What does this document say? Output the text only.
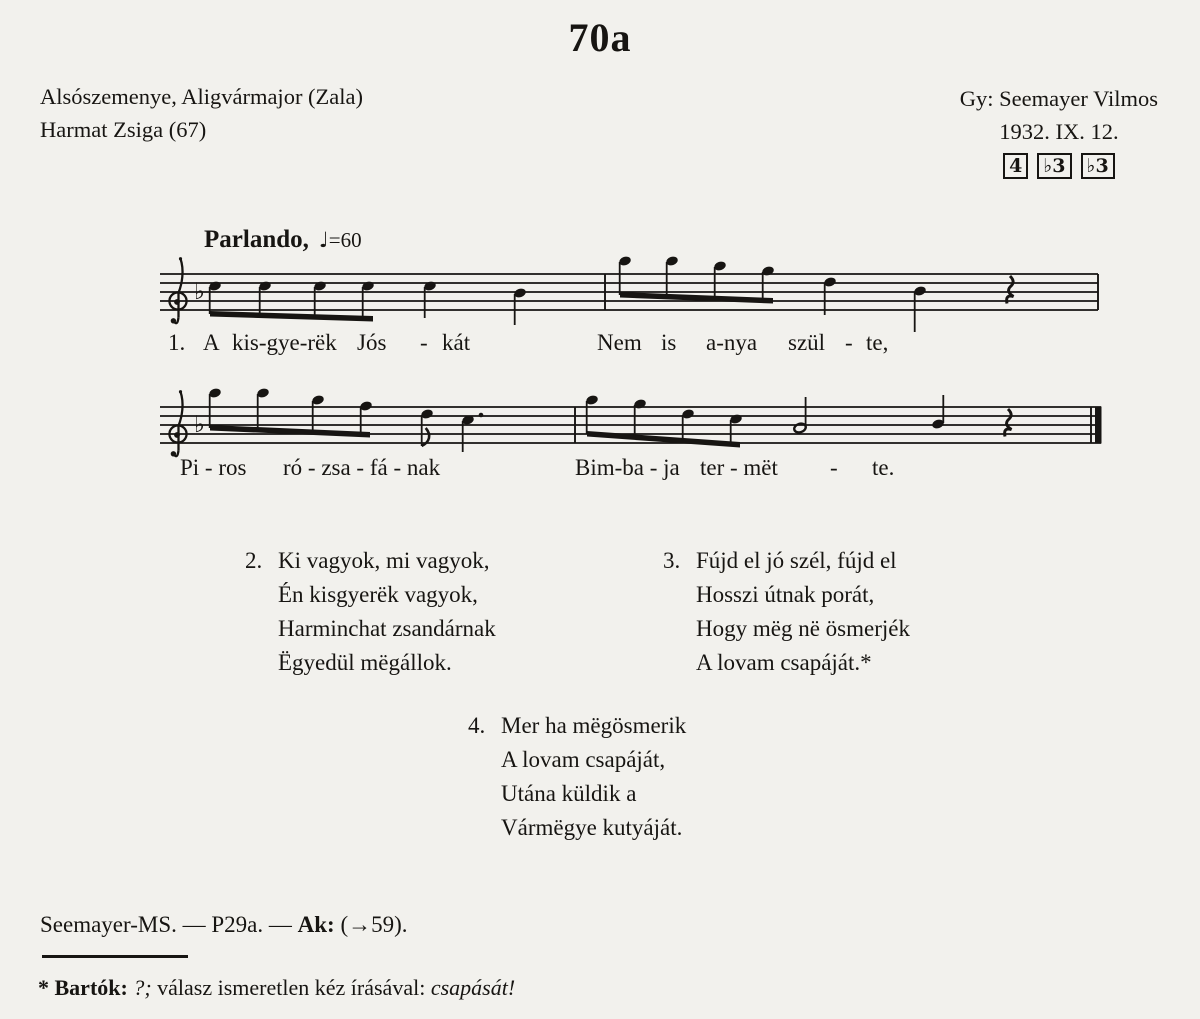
70a
Alsószemenye, Aligvármajor (Zala)
Harmat Zsiga (67)
Gy: Seemayer Vilmos
1932. IX. 12.
4	♭3	♭3
Parlando, ♩=60
♭
♭
1. A kis-gye-rëk Jós - kát	Nem is a-nya szül - te,
Pi - ros ró - zsa - fá - nak	Bim-ba - ja ter - mët - te.
2. Ki vagyok, mi vagyok,
Én kisgyerëk vagyok,
Harminchat zsandárnak
Ëgyedül mëgállok.
3. Fújd el jó szél, fújd el
Hosszi útnak porát,
Hogy mëg në ösmerjék
A lovam csapáját.*
4. Mer ha mëgösmerik
A lovam csapáját,
Utána küldik a
Vármëgye kutyáját.
Seemayer-MS. — P29a. — Ak: (→59).
* Bartók: ?; válasz ismeretlen kéz írásával: csapását!
